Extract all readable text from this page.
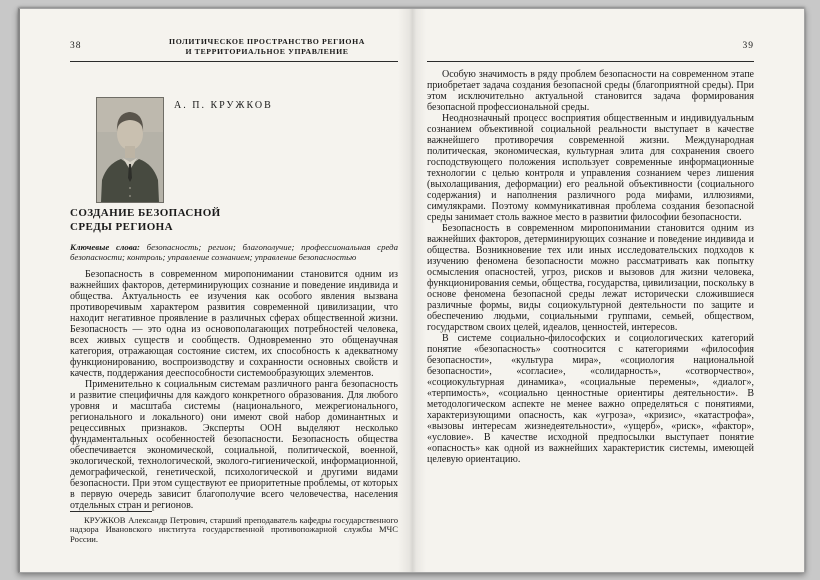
38	ПОЛИТИЧЕСКОЕ ПРОСТРАНСТВО РЕГИОНА
И ТЕРРИТОРИАЛЬНОЕ УПРАВЛЕНИЕ
А. П. КРУЖКОВ
СОЗДАНИЕ БЕЗОПАСНОЙ СРЕДЫ РЕГИОНА

Ключевые слова: безопасность; регион; благополучие; профессиональная среда безопасности; контроль; управление сознанием; управление безопасностью

Безопасность в современном миропонимании становится одним из важнейших факторов, детерминирующих сознание и поведение индивида и общества. Актуальность ее изучения как особого явления вызвана противоречивым характером развития современной цивилизации, что находит негативное проявление в различных сферах общественной жизни. Безопасность — это одна из основополагающих потребностей человека, всех живых существ и сообществ. Одновременно это общенаучная категория, отражающая состояние систем, их способность к адекватному функционированию, воспроизводству и сохранности основных свойств и качеств, поддержания дееспособности системообразующих элементов.

Применительно к социальным системам различного ранга безопасность и развитие специфичны для каждого конкретного образования. Для любого уровня и масштаба системы (национального, межрегионального, регионального и локального) они имеют свой набор доминантных и рецессивных признаков. Эксперты ООН выделяют несколько фундаментальных особенностей безопасности. Безопасность общества обеспечивается экономической, социальной, политической, военной, экологической, технологической, эколого-гигиенической, информационной, демографической, генетической, психологической и другими видами безопасности. При этом существуют ее приоритетные проблемы, от которых в первую очередь зависит благополучие всего человечества, населения отдельных стран и регионов.

КРУЖКОВ Александр Петрович, старший преподаватель кафедры государственного надзора Ивановского института государственной противопожарной службы МЧС России.

39

Особую значимость в ряду проблем безопасности на современном этапе приобретает задача создания безопасной среды (благоприятной среды). При этом исключительно актуальной становится задача формирования безопасной профессиональной среды.

Неоднозначный процесс восприятия общественным и индивидуальным сознанием объективной социальной реальности выступает в качестве важнейшего противоречия современной жизни. Международная политическая, экономическая, культурная элита для сохранения своего господствующего положения использует современные информационные технологии с целью контроля и управления сознанием через лишения (выхолащивания, деформации) его реальной объективности (социального содержания) и наполнения различного рода мифами, иллюзиями, симулякрами. Поэтому коммуникативная проблема создания безопасной среды занимает столь важное место в развитии философии безопасности.

Безопасность в современном миропонимании становится одним из важнейших факторов, детерминирующих сознание и поведение индивида и общества. Возникновение тех или иных исследовательских подходов к изучению феномена безопасности можно рассматривать как попытку осмысления опасностей, угроз, рисков и вызовов для жизни человека, функционирования семьи, общества, государства, цивилизации, поскольку в основе феномена безопасной среды лежат исторически сложившиеся различные формы, виды социокультурной деятельности по защите и обеспечению людьми, социальными группами, семьей, обществом, государством своих целей, идеалов, ценностей, интересов.

В системе социально-философских и социологических категорий понятие «безопасность» соотносится с категориями «философия безопасности», «культура мира», «социология национальной безопасности», «согласие», «солидарность», «сотворчество», «социокультурная динамика», «социальные перемены», «диалог», «терпимость», «социально ценностные ориентиры деятельности». В методологическом аспекте не менее важно определяться с понятиями, характеризующими опасность, как «угроза», «кризис», «катастрофа», «вызовы интересам жизнедеятельности», «ущерб», «риск», «фактор», «условие». В качестве исходной предпосылки выступает понятие «опасность» как одной из важнейших характеристик системы, имеющей целевую ориентацию.
